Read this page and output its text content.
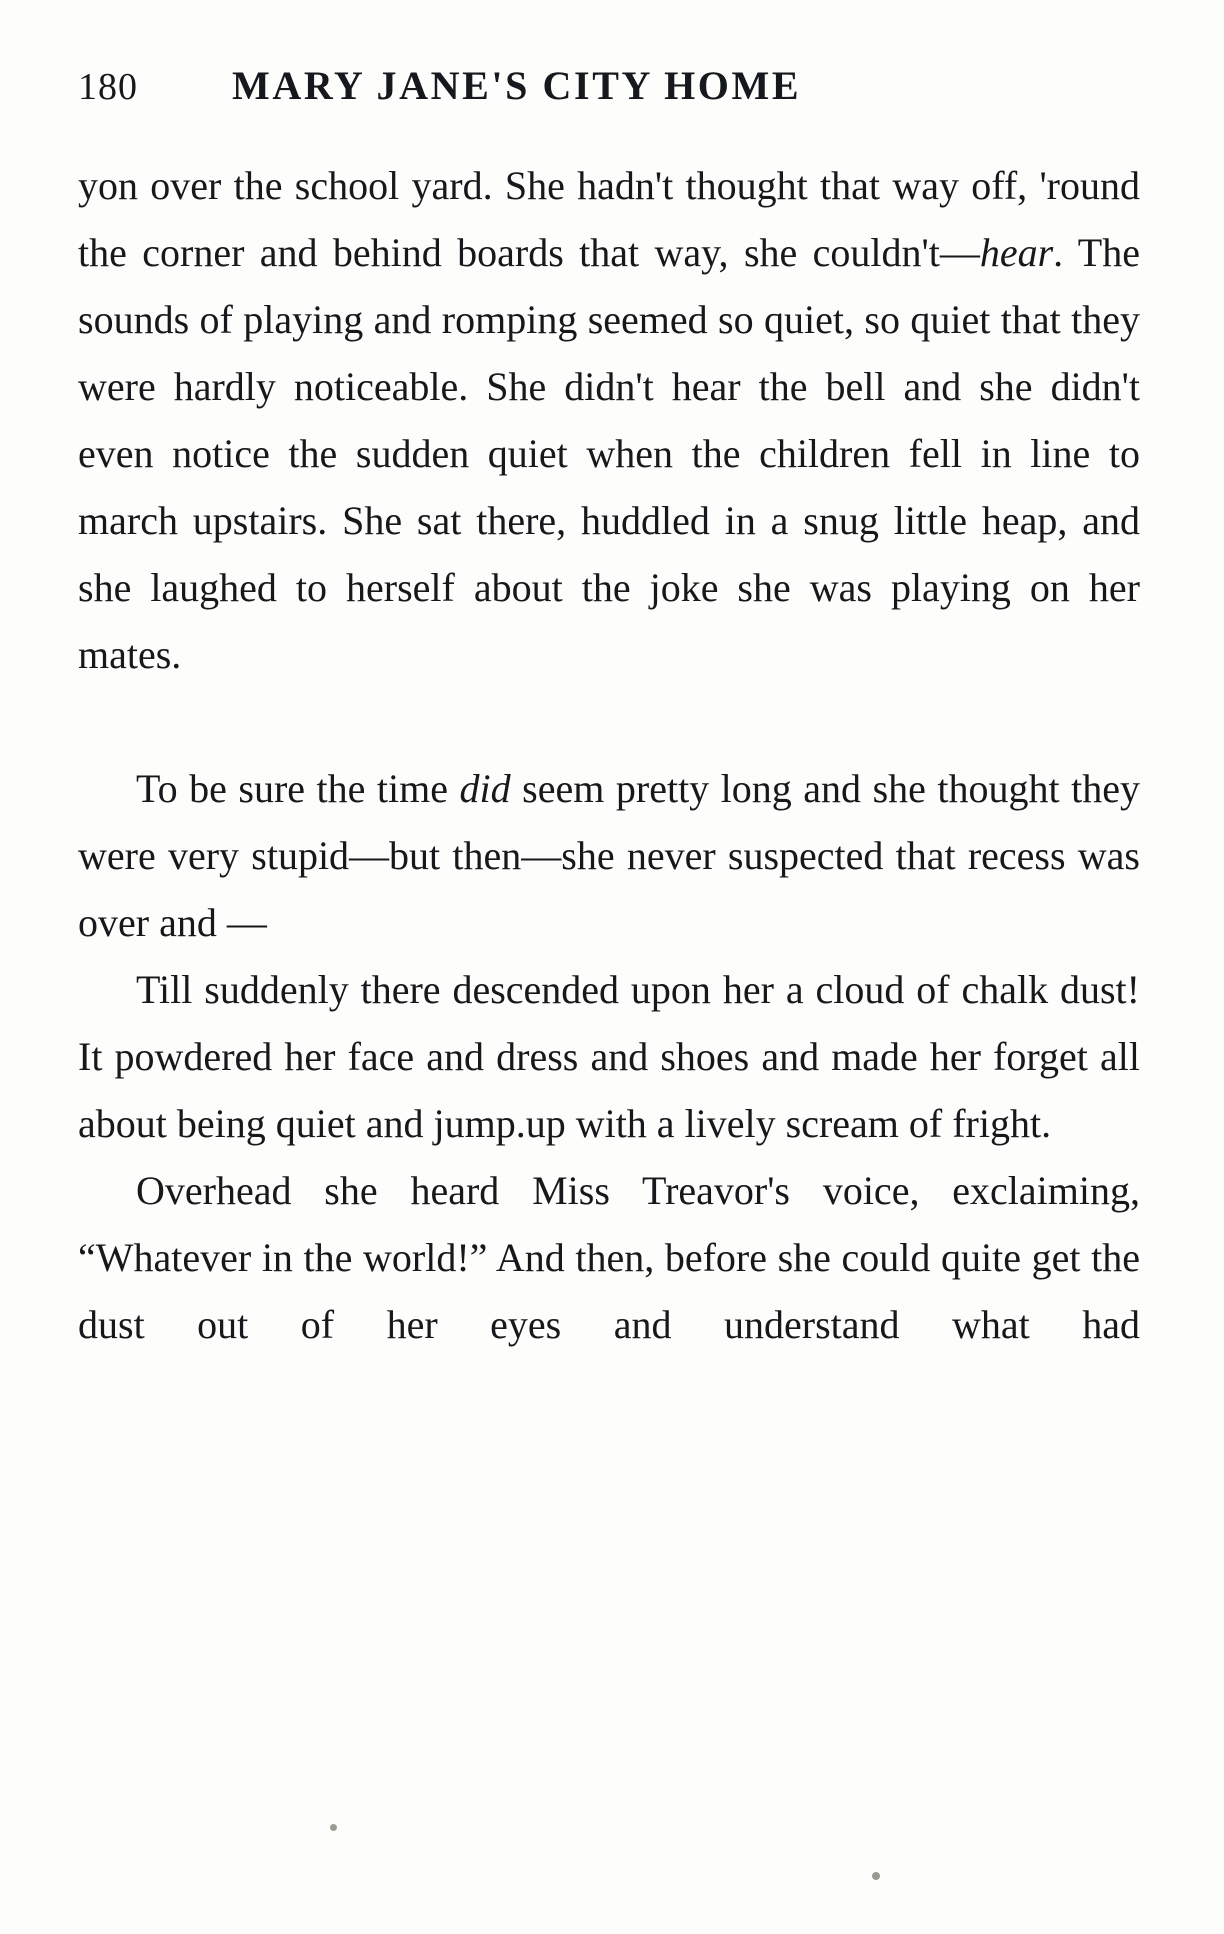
180	MARY JANE'S CITY HOME

yon over the school yard. She hadn't thought that way off, 'round the corner and behind boards that way, she couldn't—hear. The sounds of playing and romping seemed so quiet, so quiet that they were hardly noticeable. She didn't hear the bell and she didn't even notice the sudden quiet when the children fell in line to march upstairs. She sat there, huddled in a snug little heap, and she laughed to herself about the joke she was playing on her mates.

To be sure the time did seem pretty long and she thought they were very stupid—but then—she never suspected that recess was over and —

Till suddenly there descended upon her a cloud of chalk dust! It powdered her face and dress and shoes and made her forget all about being quiet and jump.up with a lively scream of fright.

Overhead she heard Miss Treavor's voice, exclaiming, “Whatever in the world!” And then, before she could quite get the dust out of her eyes and understand what had
